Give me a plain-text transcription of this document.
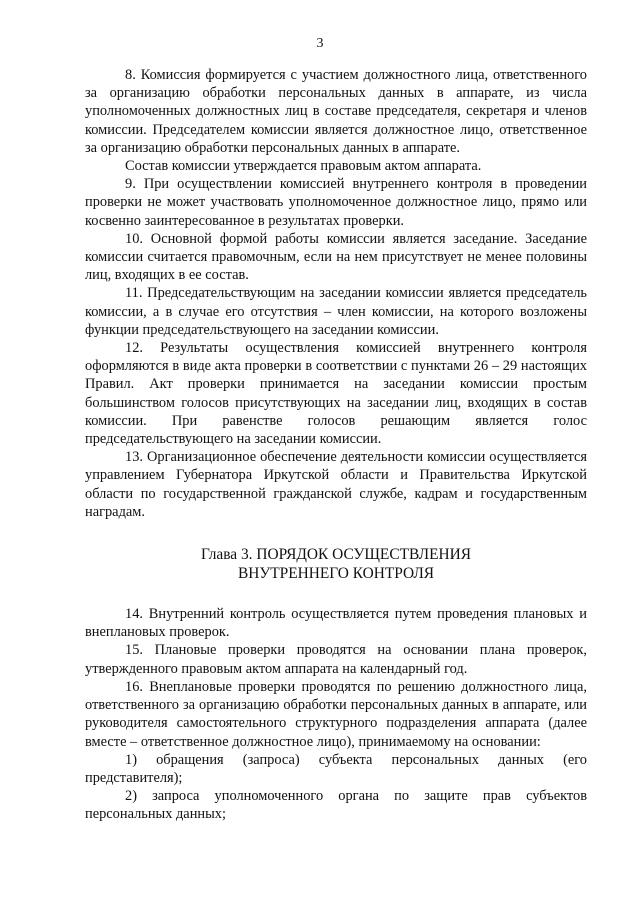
3

8. Комиссия формируется с участием должностного лица, ответственного за организацию обработки персональных данных в аппарате, из числа уполномоченных должностных лиц в составе председателя, секретаря и членов комиссии. Председателем комиссии является должностное лицо, ответственное за организацию обработки персональных данных в аппарате.

Состав комиссии утверждается правовым актом аппарата.

9. При осуществлении комиссией внутреннего контроля в проведении проверки не может участвовать уполномоченное должностное лицо, прямо или косвенно заинтересованное в результатах проверки.

10. Основной формой работы комиссии является заседание. Заседание комиссии считается правомочным, если на нем присутствует не менее половины лиц, входящих в ее состав.

11. Председательствующим на заседании комиссии является председатель комиссии, а в случае его отсутствия – член комиссии, на которого возложены функции председательствующего на заседании комиссии.

12. Результаты осуществления комиссией внутреннего контроля оформляются в виде акта проверки в соответствии с пунктами 26 – 29 настоящих Правил. Акт проверки принимается на заседании комиссии простым большинством голосов присутствующих на заседании лиц, входящих в состав комиссии. При равенстве голосов решающим является голос председательствующего на заседании комиссии.

13. Организационное обеспечение деятельности комиссии осуществляется управлением Губернатора Иркутской области и Правительства Иркутской области по государственной гражданской службе, кадрам и государственным наградам.

Глава 3. ПОРЯДОК ОСУЩЕСТВЛЕНИЯ

ВНУТРЕННЕГО КОНТРОЛЯ

14. Внутренний контроль осуществляется путем проведения плановых и внеплановых проверок.

15. Плановые проверки проводятся на основании плана проверок, утвержденного правовым актом аппарата на календарный год.

16. Внеплановые проверки проводятся по решению должностного лица, ответственного за организацию обработки персональных данных в аппарате, или руководителя самостоятельного структурного подразделения аппарата (далее вместе – ответственное должностное лицо), принимаемому на основании:

1) обращения (запроса) субъекта персональных данных (его представителя);

2) запроса уполномоченного органа по защите прав субъектов персональных данных;
